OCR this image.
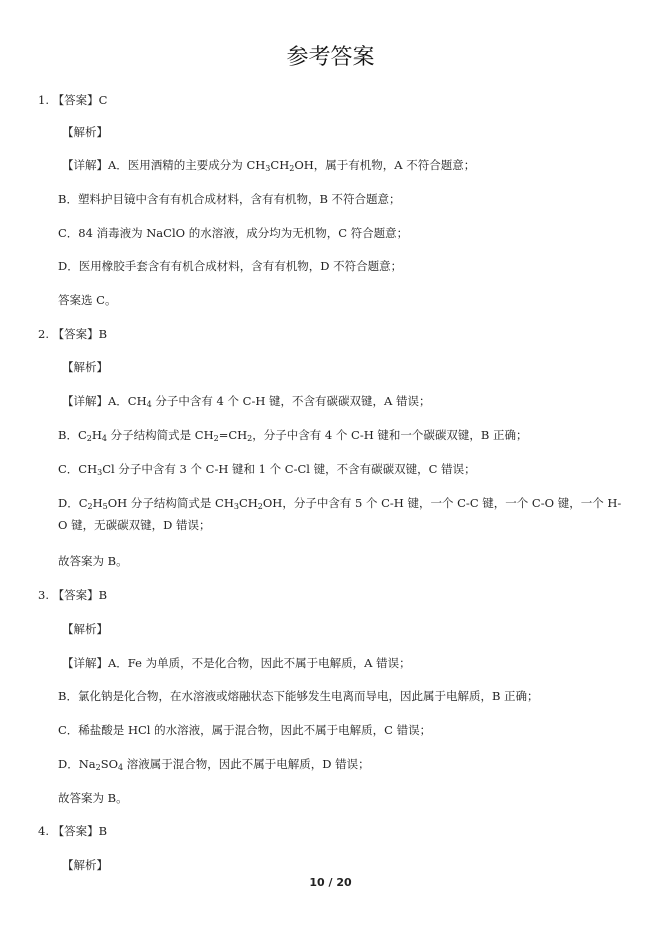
参考答案
1. 【答案】C
【解析】
【详解】A．医用酒精的主要成分为 $CH_3CH_2OH$，属于有机物，A 不符合题意；
B．塑料护目镜中含有有机合成材料，含有有机物，B 不符合题意；
C．84 消毒液为 NaClO 的水溶液，成分均为无机物，C 符合题意；
D．医用橡胶手套含有有机合成材料，含有有机物，D 不符合题意；
答案选 C。
2. 【答案】B
【解析】
【详解】A．$CH_4$ 分子中含有 4 个 C-H 键，不含有碳碳双键，A 错误；
B．$C_2H_4$ 分子结构简式是 $CH_2=CH_2$，分子中含有 4 个 C-H 键和一个碳碳双键，B 正确；
C．$CH_3Cl$ 分子中含有 3 个 C-H 键和 1 个 C-Cl 键，不含有碳碳双键，C 错误；
D．$C_2H_5OH$ 分子结构简式是 $CH_3CH_2OH$，分子中含有 5 个 C-H 键，一个 C-C 键，一个 C-O 键，一个 H-O 键，无碳碳双键，D 错误；
故答案为 B。
3. 【答案】B
【解析】
【详解】A．Fe 为单质，不是化合物，因此不属于电解质，A 错误；
B．氯化钠是化合物，在水溶液或熔融状态下能够发生电离而导电，因此属于电解质，B 正确；
C．稀盐酸是 HCl 的水溶液，属于混合物，因此不属于电解质，C 错误；
D．$Na_2SO_4$ 溶液属于混合物，因此不属于电解质，D 错误；
故答案为 B。
4. 【答案】B
【解析】
10 / 20
